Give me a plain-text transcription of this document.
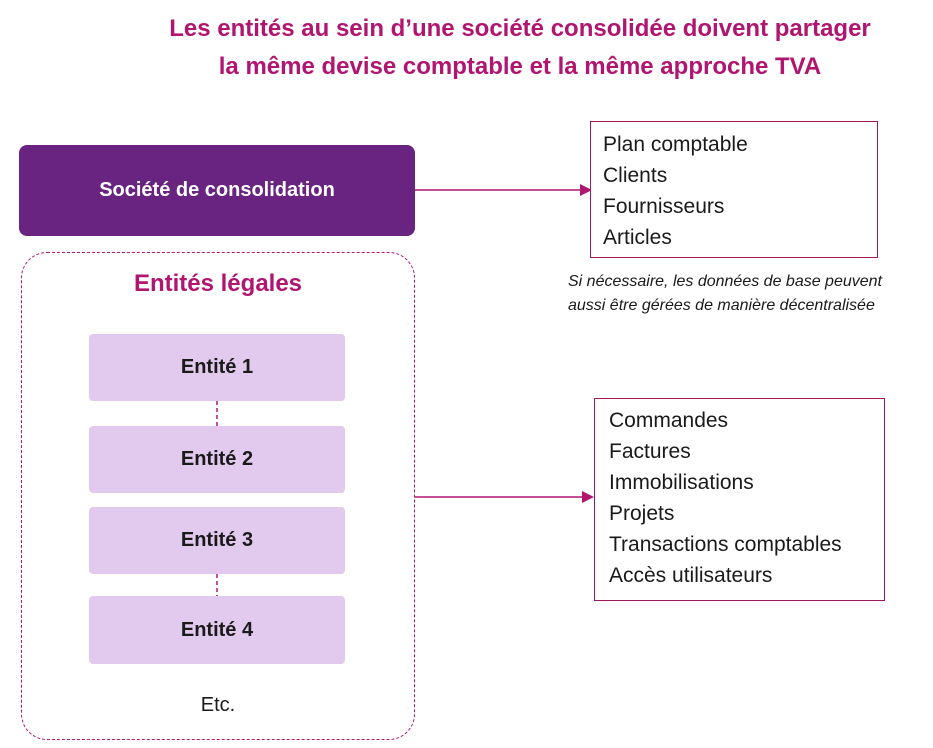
Les entités au sein d’une société consolidée doivent partager
la même devise comptable et la même approche TVA
Société de consolidation
Entités légales
Entité 1
Entité 2
Entité 3
Entité 4
Etc.
Plan comptable
Clients
Fournisseurs
Articles
Si nécessaire, les données de base peuvent
aussi être gérées de manière décentralisée
Commandes
Factures
Immobilisations
Projets
Transactions comptables
Accès utilisateurs
